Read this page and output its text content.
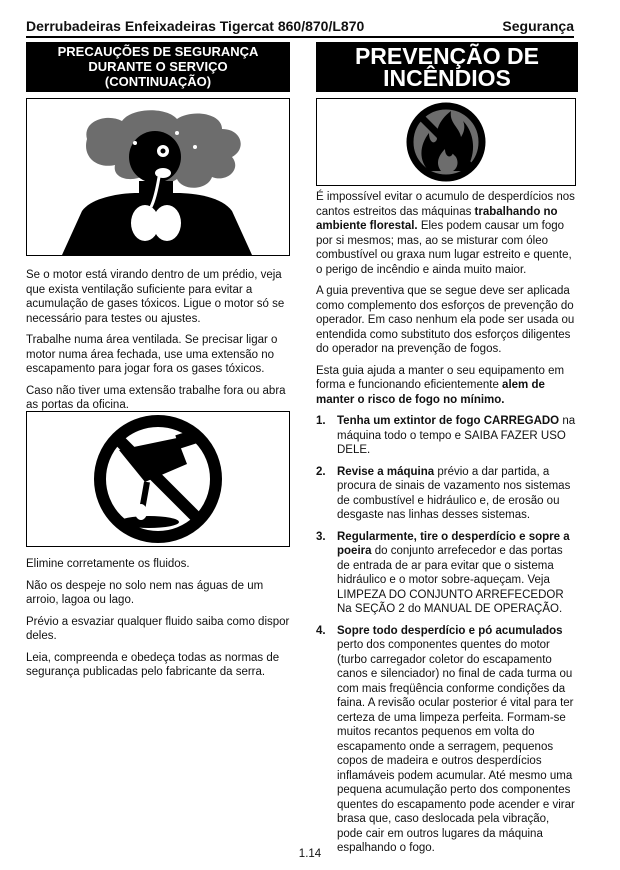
Derrubadeiras Enfeixadeiras Tigercat 860/870/L870	Segurança
PRECAUÇÕES DE SEGURANÇA
DURANTE O SERVIÇO
(CONTINUAÇÃO)
PREVENÇÃO DE
INCÊNDIOS

Se o motor está virando dentro de um prédio, veja que exista ventilação suficiente para evitar a acumulação de gases tóxicos. Ligue o motor só se necessário para testes ou ajustes.

Trabalhe numa área ventilada. Se precisar ligar o motor numa área fechada, use uma extensão no escapamento para jogar fora os gases tóxicos.

Caso não tiver uma extensão trabalhe fora ou abra as portas da oficina.

Elimine corretamente os fluidos.

Não os despeje no solo nem nas águas de um arroio, lagoa ou lago.

Prévio a esvaziar qualquer fluido saiba como dispor deles.

Leia, compreenda e obedeça todas as normas de segurança publicadas pelo fabricante da serra.

É impossível evitar o acumulo de desperdícios nos cantos estreitos das máquinas trabalhando no ambiente florestal. Eles podem causar um fogo por si mesmos; mas, ao se misturar com óleo combustível ou graxa num lugar estreito e quente, o perigo de incêndio e ainda muito maior.

A guia preventiva que se segue deve ser aplicada como complemento dos esforços de prevenção do operador. Em caso nenhum ela pode ser usada ou entendida como substituto dos esforços diligentes do operador na prevenção de fogos.

Esta guia ajuda a manter o seu equipamento em forma e funcionando eficientemente alem de manter o risco de fogo no mínimo.

1. Tenha um extintor de fogo CARREGADO na máquina todo o tempo e SAIBA FAZER USO DELE.
2. Revise a máquina prévio a dar partida, a procura de sinais de vazamento nos sistemas de combustível e hidráulico e, de erosão ou desgaste nas linhas desses sistemas.
3. Regularmente, tire o desperdício e sopre a poeira do conjunto arrefecedor e das portas de entrada de ar para evitar que o sistema hidráulico e o motor sobre-aqueçam. Veja LIMPEZA DO CONJUNTO ARREFECEDOR Na SEÇÃO 2 do MANUAL DE OPERAÇÃO.
4. Sopre todo desperdício e pó acumulados perto dos componentes quentes do motor (turbo carregador coletor do escapamento canos e silenciador) no final de cada turma ou com mais freqüência conforme condições da faina. A revisão ocular posterior é vital para ter certeza de uma limpeza perfeita. Formam-se muitos recantos pequenos em volta do escapamento onde a serragem, pequenos copos de madeira e outros desperdícios inflamáveis podem acumular. Até mesmo uma pequena acumulação perto dos componentes quentes do escapamento pode acender e virar brasa que, caso deslocada pela vibração, pode cair em outros lugares da máquina espalhando o fogo.
1.14
